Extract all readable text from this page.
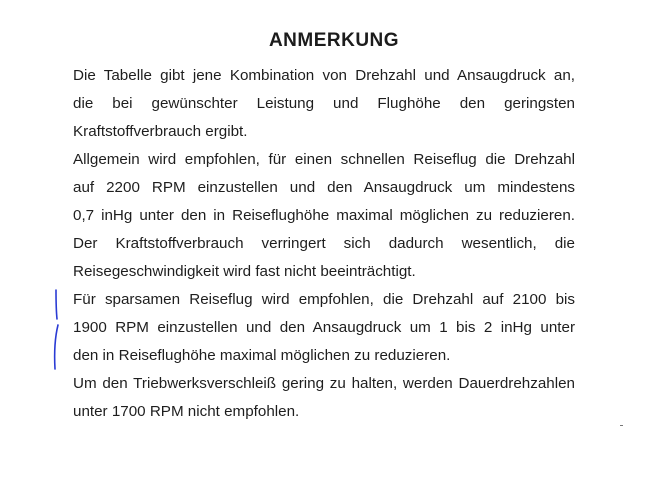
ANMERKUNG
Die Tabelle gibt jene Kombination von Drehzahl und Ansaugdruck an,
die bei gewünschter Leistung und Flughöhe den geringsten
Kraftstoffverbrauch ergibt.
Allgemein wird empfohlen, für einen schnellen Reiseflug die Drehzahl
auf 2200 RPM einzustellen und den Ansaugdruck um mindestens
0,7 inHg unter den in Reiseflughöhe maximal möglichen zu reduzieren.
Der Kraftstoffverbrauch verringert sich dadurch wesentlich, die
Reisegeschwindigkeit wird fast nicht beeinträchtigt.
Für sparsamen Reiseflug wird empfohlen, die Drehzahl auf 2100 bis
1900 RPM einzustellen und den Ansaugdruck um 1 bis 2 inHg unter
den in Reiseflughöhe maximal möglichen zu reduzieren.
Um den Triebwerksverschleiß gering zu halten, werden Dauerdrehzahlen
unter 1700 RPM nicht empfohlen.
